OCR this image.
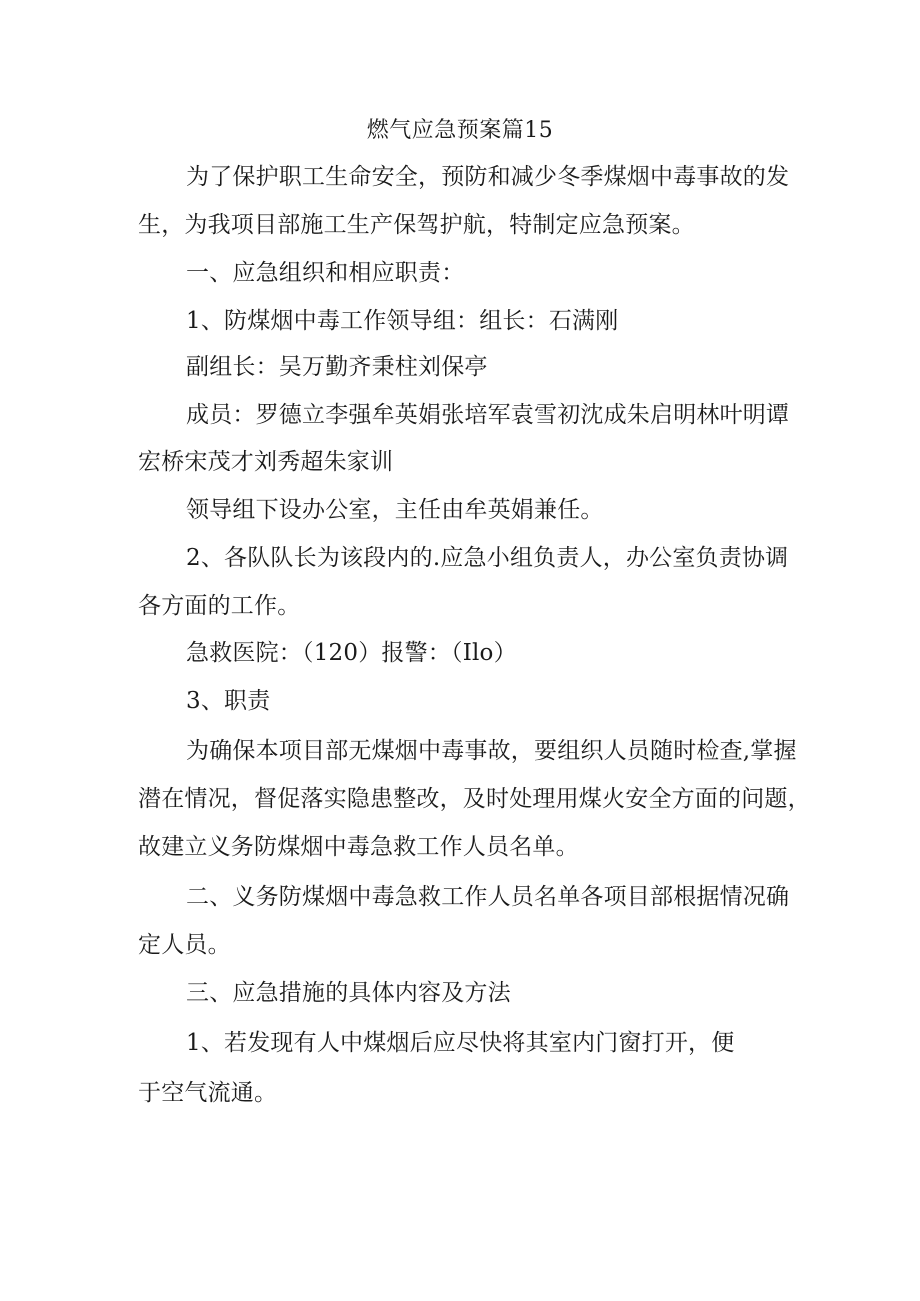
燃气应急预案篇15
为了保护职工生命安全，预防和减少冬季煤烟中毒事故的发
生，为我项目部施工生产保驾护航，特制定应急预案。
一、应急组织和相应职责：
1、防煤烟中毒工作领导组：组长：石满刚
副组长：吴万勤齐秉柱刘保亭
成员：罗德立李强牟英娟张培军袁雪初沈成朱启明林叶明谭
宏桥宋茂才刘秀超朱家训
领导组下设办公室，主任由牟英娟兼任。
2、各队队长为该段内的.应急小组负责人，办公室负责协调
各方面的工作。
急救医院：（120）报警：（Ilo）
3、职责
为确保本项目部无煤烟中毒事故，要组织人员随时检查,掌握
潜在情况，督促落实隐患整改，及时处理用煤火安全方面的问题，
故建立义务防煤烟中毒急救工作人员名单。
二、义务防煤烟中毒急救工作人员名单各项目部根据情况确
定人员。
三、应急措施的具体内容及方法
1、若发现有人中煤烟后应尽快将其室内门窗打开，便
于空气流通。
